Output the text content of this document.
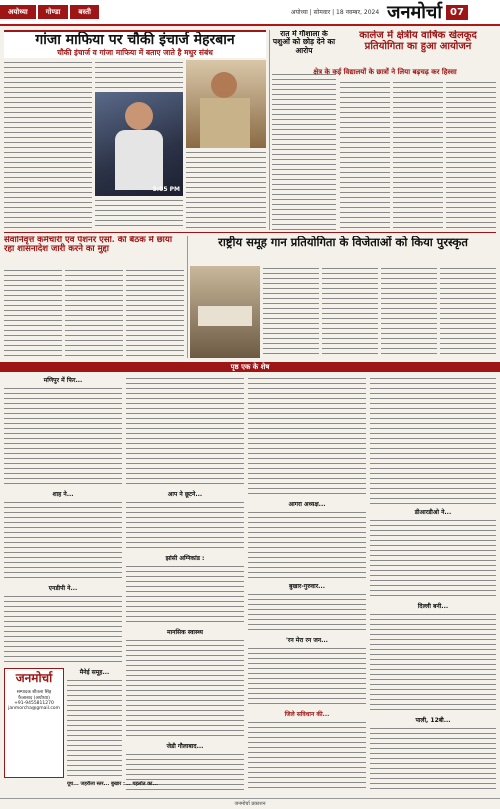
अयोध्या	गोण्डा	बस्ती	अयोध्या | सोमवार | 18 नवम्बर, 2024 जनमोर्चा 07
गांजा माफिया पर चौकी इंचार्ज मेहरबान
चौकी इंचार्ज व गांजा माफिया में बताए जाते है मधुर संबंध
5:05 PM
रात में गौशाला के पशुओं को छोड़ देने का आरोप
कालेज में क्षेत्रीय वार्षिक खेलकूद प्रतियोगिता का हुआ आयोजन
क्षेत्र के कई विद्यालयों के छात्रों ने लिया बढ़चढ़ कर हिस्सा
सेवानिवृत्त कर्मचारी एवं पेंशनर एसो. की बैठक में छाया रहा शासनादेश जारी करने का मुद्दा
राष्ट्रीय समूह गान प्रतियोगिता के विजेताओं को किया पुरस्कृत
पृष्ठ एक के शेष
मणिपुर में फिर...
शाह ने...
एनडीपी ने...
जनमोर्चा
सम्पादक शीतला सिंह
फैजाबाद (अयोध्या)
+91-9455811270
janmorcha@gmail.com
मैनेई समूह...
आप ने छूटने...
झांसी अग्निकांड :
मानसिक स्वास्थ्य
जेडी गौलाबाद...
आगरा अध्यक्ष...
बुखार-गुरुवार...
'रन मेरा रन जन...
जिले सविधान की...
डीआरडीओ ने...
दिल्ली बनी...
पाली, 12बी...
यूथ... जहरीला स्तर... बुखार :... गहलोत का...
जनमोर्चा प्रकाशन
